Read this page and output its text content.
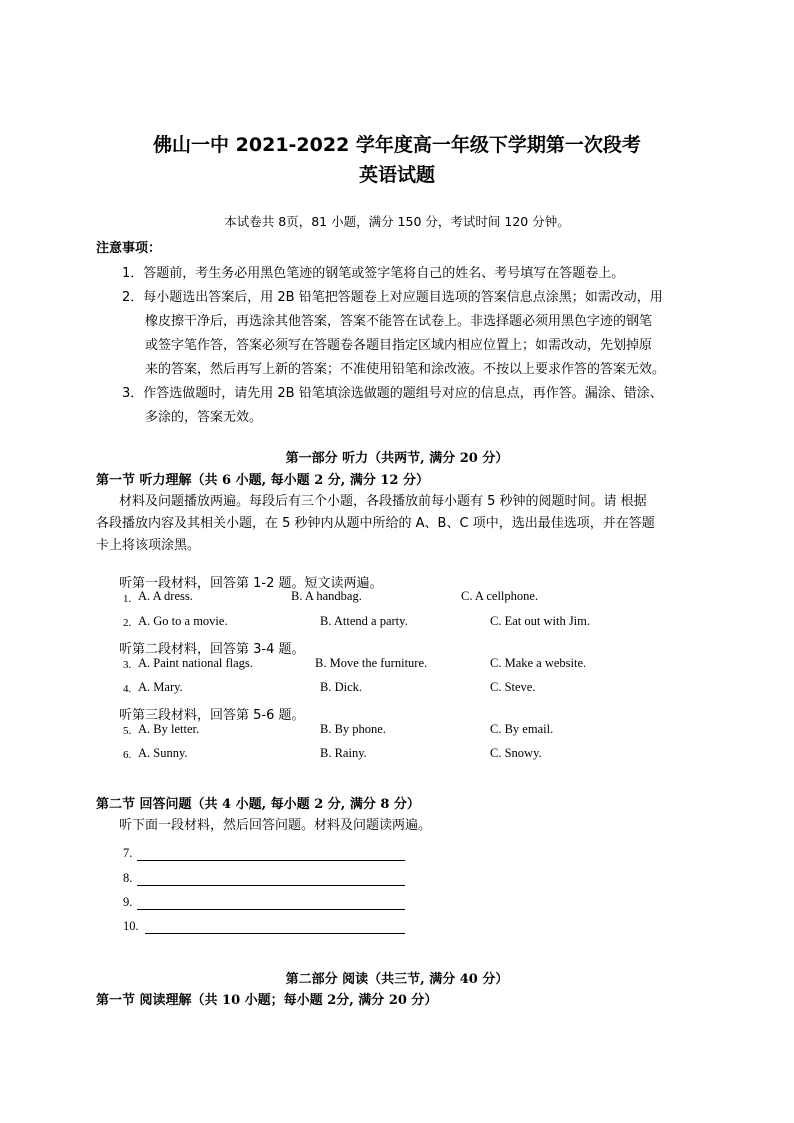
佛山一中 2021-2022 学年度高一年级下学期第一次段考
英语试题
本试卷共 8页，81 小题，满分 150 分，考试时间 120 分钟。
注意事项：
1．答题前，考生务必用黑色笔迹的钢笔或签字笔将自己的姓名、考号填写在答题卷上。
2．每小题选出答案后，用 2B 铅笔把答题卷上对应题目选项的答案信息点涂黑；如需改动，用
橡皮擦干净后，再选涂其他答案，答案不能答在试卷上。非选择题必须用黑色字迹的钢笔
或签字笔作答，答案必须写在答题卷各题目指定区域内相应位置上；如需改动，先划掉原
来的答案，然后再写上新的答案；不准使用铅笔和涂改液。不按以上要求作答的答案无效。
3．作答选做题时，请先用 2B 铅笔填涂选做题的题组号对应的信息点，再作答。漏涂、错涂、
多涂的，答案无效。
第一部分 听力（共两节, 满分 20 分）
第一节 听力理解（共 6 小题, 每小题 2 分, 满分 12 分）
材料及问题播放两遍。每段后有三个小题，各段播放前每小题有 5 秒钟的阅题时间。请 根据
各段播放内容及其相关小题，在 5 秒钟内从题中所给的 A、B、C 项中，选出最佳选项，并在答题
卡上将该项涂黑。
听第一段材料，回答第 1-2 题。短文读两遍。
1. A. A dress.	B. A handbag.	C. A cellphone.
2. A. Go to a movie.	B. Attend a party.	C. Eat out with Jim.
听第二段材料，回答第 3-4 题。
3. A. Paint national flags.	B. Move the furniture.	C. Make a website.
4. A. Mary.	B. Dick.	C. Steve.
听第三段材料，回答第 5-6 题。
5. A. By letter.	B. By phone.	C. By email.
6. A. Sunny.	B. Rainy.	C. Snowy.
第二节 回答问题（共 4 小题, 每小题 2 分, 满分 8 分）
听下面一段材料，然后回答问题。材料及问题读两遍。
7.
8.
9.
10.
第二部分 阅读（共三节, 满分 40 分）
第一节 阅读理解（共 10 小题；每小题 2分, 满分 20 分）
